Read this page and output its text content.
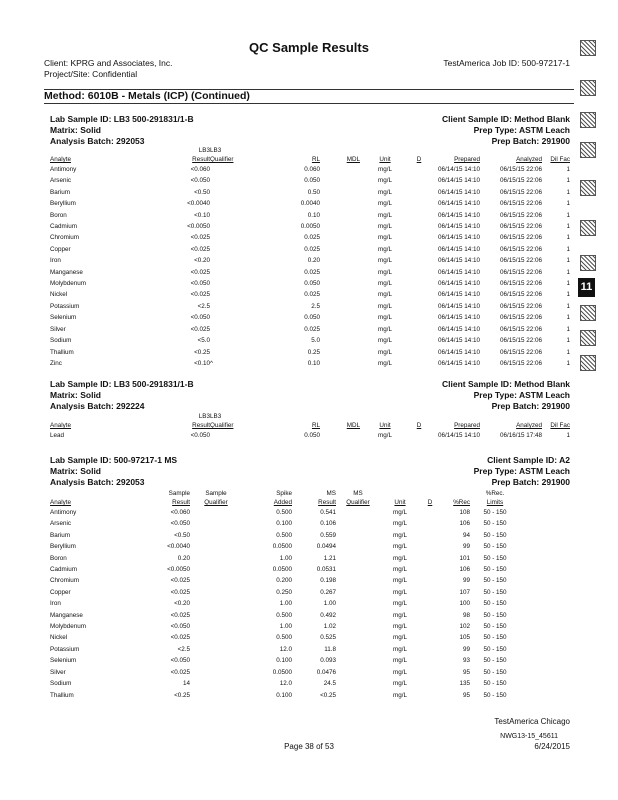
QC Sample Results
Client: KPRG and Associates, Inc.
Project/Site: Confidential
TestAmerica Job ID: 500-97217-1
Method: 6010B - Metals (ICP) (Continued)
Lab Sample ID: LB3 500-291831/1-B
Matrix: Solid
Analysis Batch: 292053
Client Sample ID: Method Blank
Prep Type: ASTM Leach
Prep Batch: 291900
	LB3	LB3							
Analyte	Result	Qualifier	RL	MDL	Unit	D	Prepared	Analyzed	Dil Fac
Antimony	<0.060		0.060		mg/L		06/14/15 14:10	06/15/15 22:06	1
Arsenic	<0.050		0.050		mg/L		06/14/15 14:10	06/15/15 22:06	1
Barium	<0.50		0.50		mg/L		06/14/15 14:10	06/15/15 22:06	1
Beryllium	<0.0040		0.0040		mg/L		06/14/15 14:10	06/15/15 22:06	1
Boron	<0.10		0.10		mg/L		06/14/15 14:10	06/15/15 22:06	1
Cadmium	<0.0050		0.0050		mg/L		06/14/15 14:10	06/15/15 22:06	1
Chromium	<0.025		0.025		mg/L		06/14/15 14:10	06/15/15 22:06	1
Copper	<0.025		0.025		mg/L		06/14/15 14:10	06/15/15 22:06	1
Iron	<0.20		0.20		mg/L		06/14/15 14:10	06/15/15 22:06	1
Manganese	<0.025		0.025		mg/L		06/14/15 14:10	06/15/15 22:06	1
Molybdenum	<0.050		0.050		mg/L		06/14/15 14:10	06/15/15 22:06	1
Nickel	<0.025		0.025		mg/L		06/14/15 14:10	06/15/15 22:06	1
Potassium	<2.5		2.5		mg/L		06/14/15 14:10	06/15/15 22:06	1
Selenium	<0.050		0.050		mg/L		06/14/15 14:10	06/15/15 22:06	1
Silver	<0.025		0.025		mg/L		06/14/15 14:10	06/15/15 22:06	1
Sodium	<5.0		5.0		mg/L		06/14/15 14:10	06/15/15 22:06	1
Thallium	<0.25		0.25		mg/L		06/14/15 14:10	06/15/15 22:06	1
Zinc	<0.10	^	0.10		mg/L		06/14/15 14:10	06/15/15 22:06	1
Lab Sample ID: LB3 500-291831/1-B
Matrix: Solid
Analysis Batch: 292224
Client Sample ID: Method Blank
Prep Type: ASTM Leach
Prep Batch: 291900
	LB3	LB3							
Analyte	Result	Qualifier	RL	MDL	Unit	D	Prepared	Analyzed	Dil Fac
Lead	<0.050		0.050		mg/L		06/14/15 14:10	06/16/15 17:48	1
Lab Sample ID: 500-97217-1 MS
Matrix: Solid
Analysis Batch: 292053
Client Sample ID: A2
Prep Type: ASTM Leach
Prep Batch: 291900
	Sample	Sample	Spike	MS	MS				%Rec.
Analyte	Result	Qualifier	Added	Result	Qualifier	Unit	D	%Rec	Limits
Antimony	<0.060		0.500	0.541		mg/L		108	50 - 150
Arsenic	<0.050		0.100	0.106		mg/L		106	50 - 150
Barium	<0.50		0.500	0.559		mg/L		94	50 - 150
Beryllium	<0.0040		0.0500	0.0494		mg/L		99	50 - 150
Boron	0.20		1.00	1.21		mg/L		101	50 - 150
Cadmium	<0.0050		0.0500	0.0531		mg/L		106	50 - 150
Chromium	<0.025		0.200	0.198		mg/L		99	50 - 150
Copper	<0.025		0.250	0.267		mg/L		107	50 - 150
Iron	<0.20		1.00	1.00		mg/L		100	50 - 150
Manganese	<0.025		0.500	0.492		mg/L		98	50 - 150
Molybdenum	<0.050		1.00	1.02		mg/L		102	50 - 150
Nickel	<0.025		0.500	0.525		mg/L		105	50 - 150
Potassium	<2.5		12.0	11.8		mg/L		99	50 - 150
Selenium	<0.050		0.100	0.093		mg/L		93	50 - 150
Silver	<0.025		0.0500	0.0476		mg/L		95	50 - 150
Sodium	14		12.0	24.5		mg/L		135	50 - 150
Thallium	<0.25		0.100	<0.25		mg/L		95	50 - 150
TestAmerica Chicago
Page 38 of 53
NWG13-15_45611
6/24/2015
11
